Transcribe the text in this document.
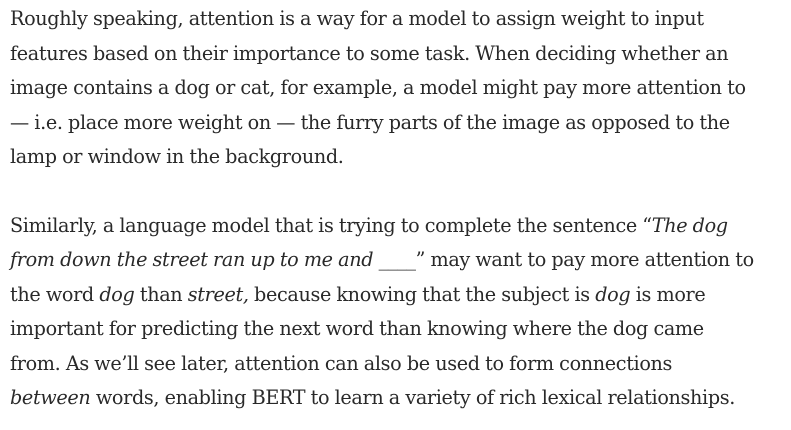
Roughly speaking, attention is a way for a model to assign weight to input
features based on their importance to some task. When deciding whether an
image contains a dog or cat, for example, a model might pay more attention to
— i.e. place more weight on — the furry parts of the image as opposed to the
lamp or window in the background.

Similarly, a language model that is trying to complete the sentence “The dog
from down the street ran up to me and ____” may want to pay more attention to
the word dog than street, because knowing that the subject is dog is more
important for predicting the next word than knowing where the dog came
from. As we’ll see later, attention can also be used to form connections
between words, enabling BERT to learn a variety of rich lexical relationships.
